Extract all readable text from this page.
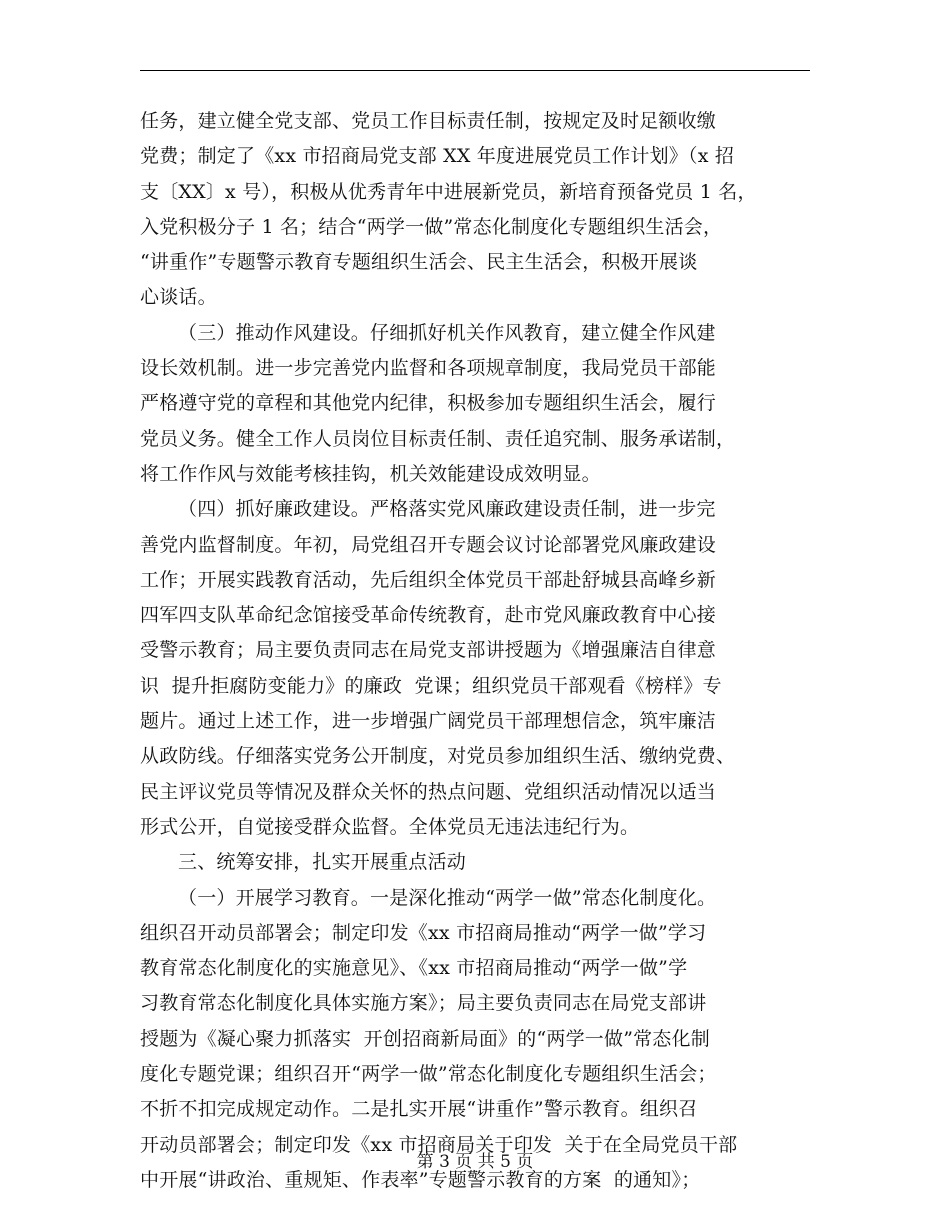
任务，建立健全党支部、党员工作目标责任制，按规定及时足额收缴
党费；制定了《xx 市招商局党支部 XX 年度进展党员工作计划》（x 招
支〔XX〕x 号），积极从优秀青年中进展新党员，新培育预备党员 1 名，
入党积极分子 1 名；结合“两学一做”常态化制度化专题组织生活会，
“讲重作”专题警示教育专题组织生活会、民主生活会，积极开展谈
心谈话。
（三）推动作风建设。仔细抓好机关作风教育，建立健全作风建
设长效机制。进一步完善党内监督和各项规章制度，我局党员干部能
严格遵守党的章程和其他党内纪律，积极参加专题组织生活会，履行
党员义务。健全工作人员岗位目标责任制、责任追究制、服务承诺制，
将工作作风与效能考核挂钩，机关效能建设成效明显。
（四）抓好廉政建设。严格落实党风廉政建设责任制，进一步完
善党内监督制度。年初，局党组召开专题会议讨论部署党风廉政建设
工作；开展实践教育活动，先后组织全体党员干部赴舒城县高峰乡新
四军四支队革命纪念馆接受革命传统教育，赴市党风廉政教育中心接
受警示教育；局主要负责同志在局党支部讲授题为《增强廉洁自律意
识  提升拒腐防变能力》的廉政  党课；组织党员干部观看《榜样》专
题片。通过上述工作，进一步增强广阔党员干部理想信念，筑牢廉洁
从政防线。仔细落实党务公开制度，对党员参加组织生活、缴纳党费、
民主评议党员等情况及群众关怀的热点问题、党组织活动情况以适当
形式公开，自觉接受群众监督。全体党员无违法违纪行为。
三、统筹安排，扎实开展重点活动
（一）开展学习教育。一是深化推动“两学一做”常态化制度化。
组织召开动员部署会；制定印发《xx 市招商局推动“两学一做”学习
教育常态化制度化的实施意见》、《xx 市招商局推动“两学一做”学
习教育常态化制度化具体实施方案》；局主要负责同志在局党支部讲
授题为《凝心聚力抓落实  开创招商新局面》的“两学一做”常态化制
度化专题党课；组织召开“两学一做”常态化制度化专题组织生活会；
不折不扣完成规定动作。二是扎实开展“讲重作”警示教育。组织召
开动员部署会；制定印发《xx 市招商局关于印发  关于在全局党员干部
中开展“讲政治、重规矩、作表率”专题警示教育的方案  的通知》；
第 3 页 共 5 页
